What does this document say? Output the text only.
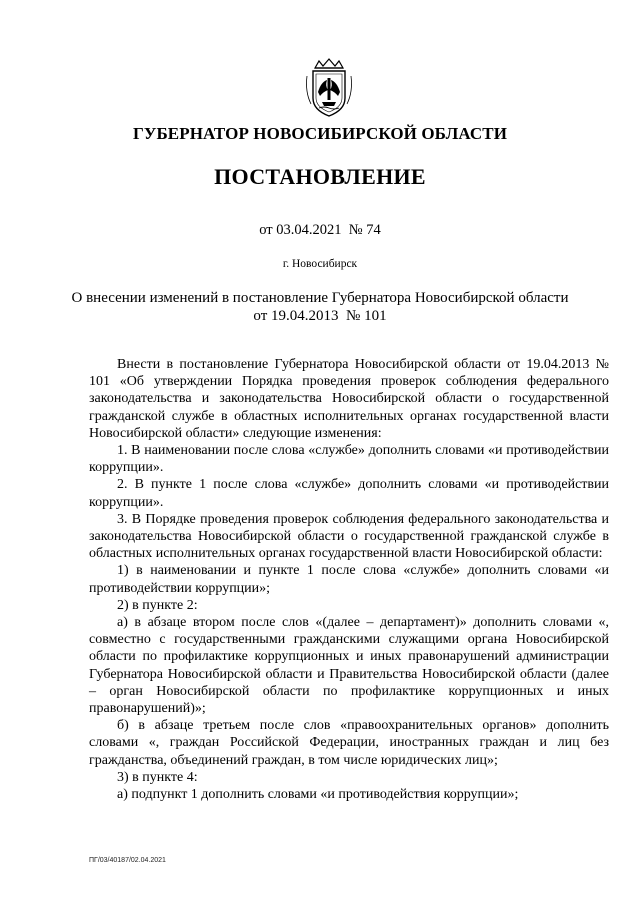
ГУБЕРНАТОР НОВОСИБИРСКОЙ ОБЛАСТИ
ПОСТАНОВЛЕНИЕ
от 03.04.2021  № 74
г. Новосибирск
О внесении изменений в постановление Губернатора Новосибирской области
от 19.04.2013  № 101

Внести в постановление Губернатора Новосибирской области от 19.04.2013 № 101 «Об утверждении Порядка проведения проверок соблюдения федерального законодательства и законодательства Новосибирской области о государственной гражданской службе в областных исполнительных органах государственной власти Новосибирской области» следующие изменения:

1. В наименовании после слова «службе» дополнить словами «и противодействии коррупции».

2. В пункте 1 после слова «службе» дополнить словами «и противодействии коррупции».

3. В Порядке проведения проверок соблюдения федерального законодательства и законодательства Новосибирской области о государственной гражданской службе в областных исполнительных органах государственной власти Новосибирской области:

1) в наименовании и пункте 1 после слова «службе» дополнить словами «и противодействии коррупции»;

2) в пункте 2:

а) в абзаце втором после слов «(далее – департамент)» дополнить словами «, совместно с государственными гражданскими служащими органа Новосибирской области по профилактике коррупционных и иных правонарушений администрации Губернатора Новосибирской области и Правительства Новосибирской области (далее – орган Новосибирской области по профилактике коррупционных и иных правонарушений)»;

б) в абзаце третьем после слов «правоохранительных органов» дополнить словами «, граждан Российской Федерации, иностранных граждан и лиц без гражданства, объединений граждан, в том числе юридических лиц»;

3) в пункте 4:

а) подпункт 1 дополнить словами «и противодействия коррупции»;

ПГ/03/40187/02.04.2021
